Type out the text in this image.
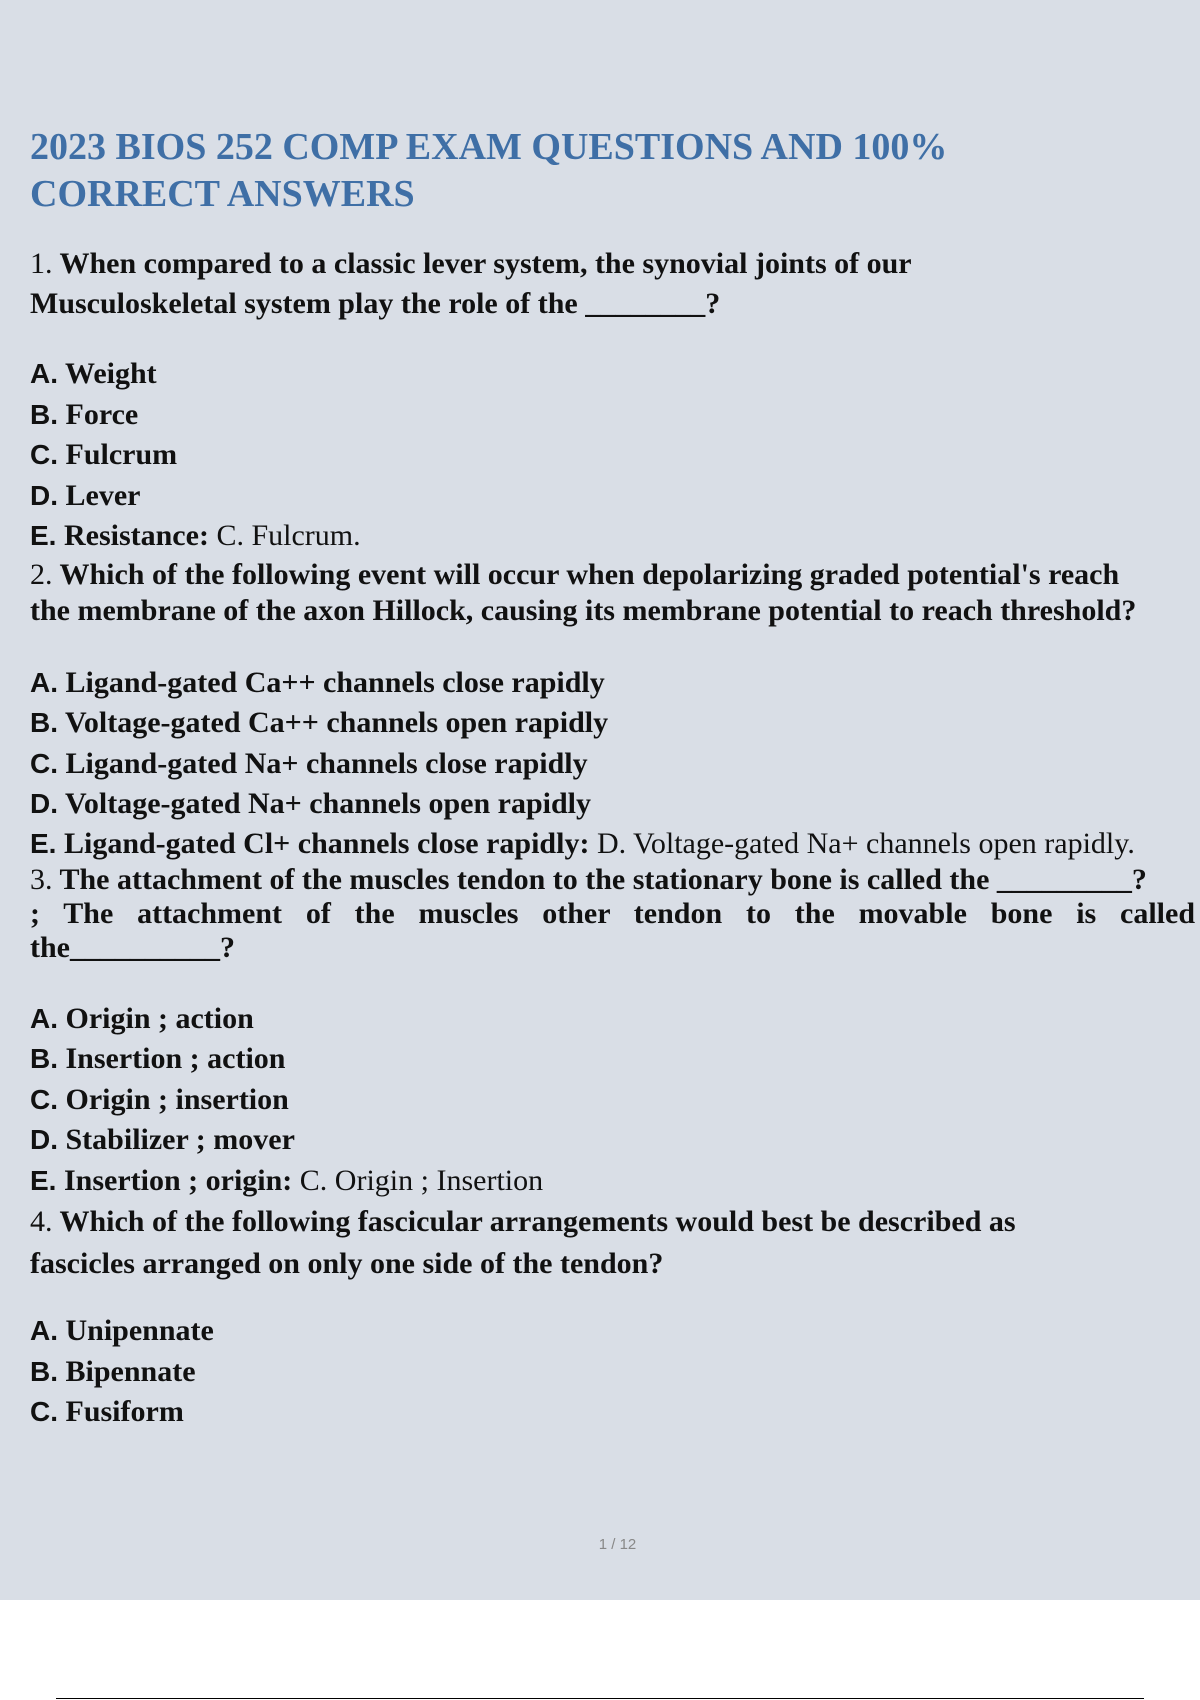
2023 BIOS 252 COMP EXAM QUESTIONS AND 100%
CORRECT ANSWERS
1. When compared to a classic lever system, the synovial joints of our
Musculoskeletal system play the role of the ________?
A. Weight
B. Force
C. Fulcrum
D. Lever
E. Resistance: C. Fulcrum.
2. Which of the following event will occur when depolarizing graded potential's reach
the membrane of the axon Hillock, causing its membrane potential to reach threshold?
A. Ligand-gated Ca++ channels close rapidly
B. Voltage-gated Ca++ channels open rapidly
C. Ligand-gated Na+ channels close rapidly
D. Voltage-gated Na+ channels open rapidly
E. Ligand-gated Cl+ channels close rapidly: D. Voltage-gated Na+ channels open rapidly.
3. The attachment of the muscles tendon to the stationary bone is called the _________?
; The attachment of the muscles other tendon to the movable bone is called the__________?
A. Origin ; action
B. Insertion ; action
C. Origin ; insertion
D. Stabilizer ; mover
E. Insertion ; origin: C. Origin ; Insertion
4. Which of the following fascicular arrangements would best be described as
fascicles arranged on only one side of the tendon?
A. Unipennate
B. Bipennate
C. Fusiform
1 / 12
